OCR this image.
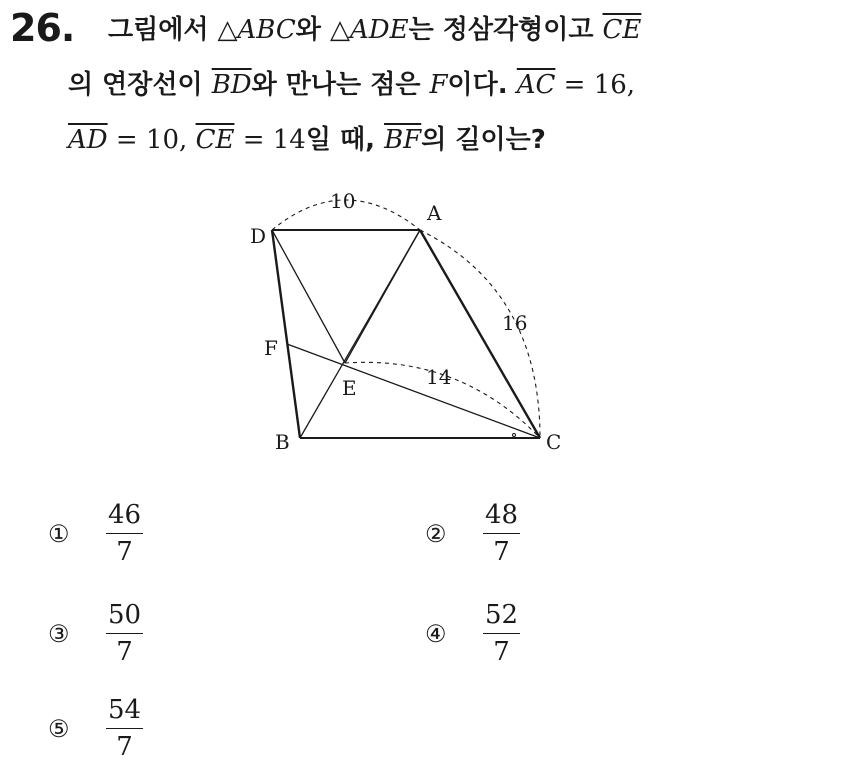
26. 그림에서 △ABC와 △ADE는 정삼각형이고 $\overline{CE}$
의 연장선이 $\overline{BD}$와 만나는 점은 F이다. $\overline{AC} = 16$,
$\overline{AD} = 10$, $\overline{CE} = 14$일 때, $\overline{BF}$의 길이는?
D
A
F
E
B	C
10
16
14
①	$\frac{46}{7}$	②	$\frac{48}{7}$
③	$\frac{50}{7}$	④	$\frac{52}{7}$
⑤	$\frac{54}{7}$
